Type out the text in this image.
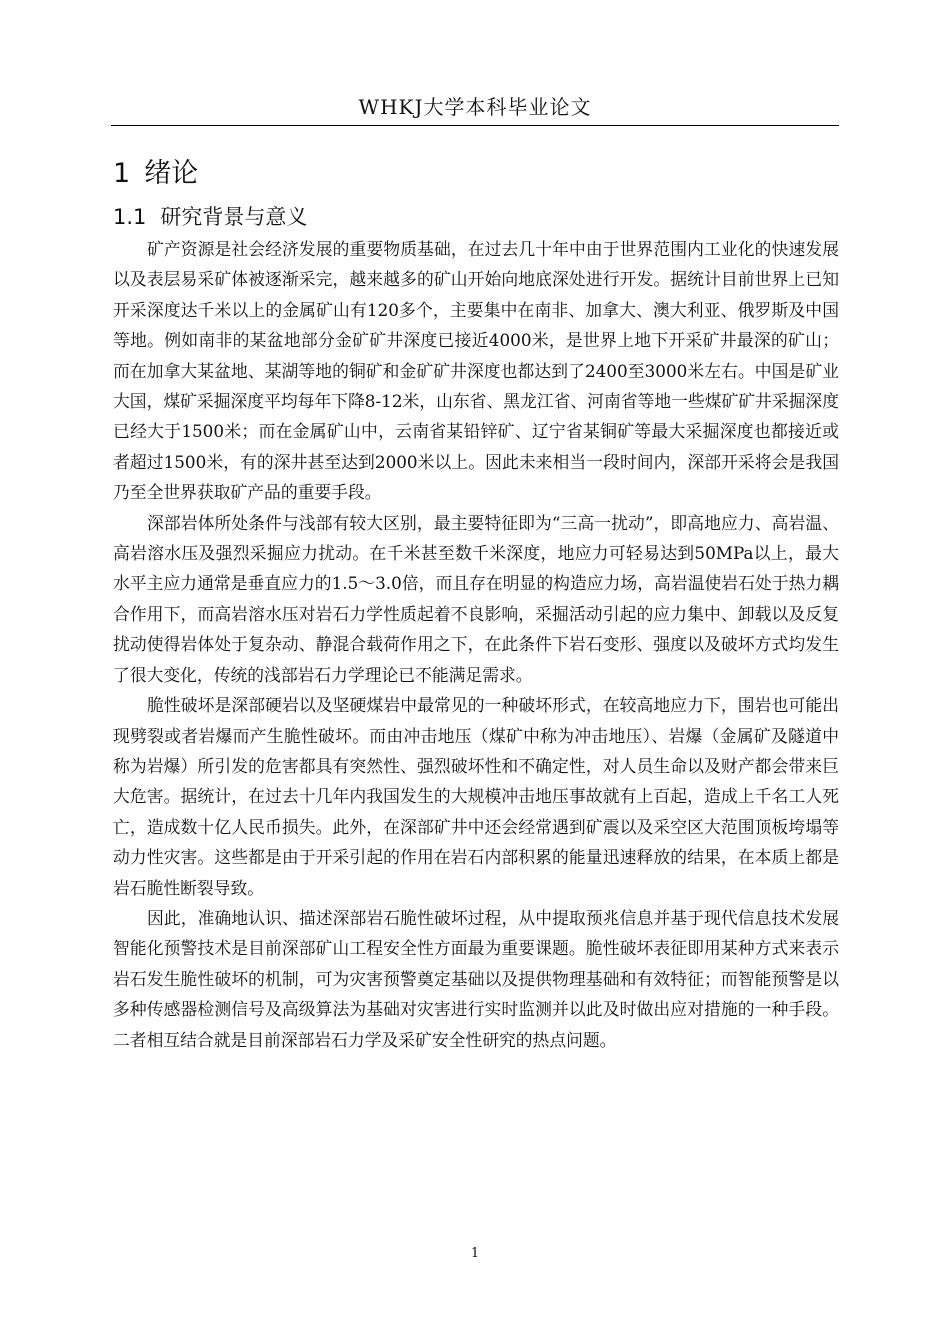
WHKJ大学本科毕业论文
1 绪论
1.1 研究背景与意义

矿产资源是社会经济发展的重要物质基础，在过去几十年中由于世界范围内工业化的快速发展以及表层易采矿体被逐渐采完，越来越多的矿山开始向地底深处进行开发。据统计目前世界上已知开采深度达千米以上的金属矿山有120多个，主要集中在南非、加拿大、澳大利亚、俄罗斯及中国等地。例如南非的某盆地部分金矿矿井深度已接近4000米，是世界上地下开采矿井最深的矿山；而在加拿大某盆地、某湖等地的铜矿和金矿矿井深度也都达到了2400至3000米左右。中国是矿业大国，煤矿采掘深度平均每年下降8-12米，山东省、黑龙江省、河南省等地一些煤矿矿井采掘深度已经大于1500米；而在金属矿山中，云南省某铅锌矿、辽宁省某铜矿等最大采掘深度也都接近或者超过1500米，有的深井甚至达到2000米以上。因此未来相当一段时间内，深部开采将会是我国乃至全世界获取矿产品的重要手段。

深部岩体所处条件与浅部有较大区别，最主要特征即为“三高一扰动”，即高地应力、高岩温、高岩溶水压及强烈采掘应力扰动。在千米甚至数千米深度，地应力可轻易达到50MPa以上，最大水平主应力通常是垂直应力的1.5～3.0倍，而且存在明显的构造应力场，高岩温使岩石处于热力耦合作用下，而高岩溶水压对岩石力学性质起着不良影响，采掘活动引起的应力集中、卸载以及反复扰动使得岩体处于复杂动、静混合载荷作用之下，在此条件下岩石变形、强度以及破坏方式均发生了很大变化，传统的浅部岩石力学理论已不能满足需求。

脆性破坏是深部硬岩以及坚硬煤岩中最常见的一种破坏形式，在较高地应力下，围岩也可能出现劈裂或者岩爆而产生脆性破坏。而由冲击地压（煤矿中称为冲击地压）、岩爆（金属矿及隧道中称为岩爆）所引发的危害都具有突然性、强烈破坏性和不确定性，对人员生命以及财产都会带来巨大危害。据统计，在过去十几年内我国发生的大规模冲击地压事故就有上百起，造成上千名工人死亡，造成数十亿人民币损失。此外，在深部矿井中还会经常遇到矿震以及采空区大范围顶板垮塌等动力性灾害。这些都是由于开采引起的作用在岩石内部积累的能量迅速释放的结果，在本质上都是岩石脆性断裂导致。

因此，准确地认识、描述深部岩石脆性破坏过程，从中提取预兆信息并基于现代信息技术发展智能化预警技术是目前深部矿山工程安全性方面最为重要课题。脆性破坏表征即用某种方式来表示岩石发生脆性破坏的机制，可为灾害预警奠定基础以及提供物理基础和有效特征；而智能预警是以多种传感器检测信号及高级算法为基础对灾害进行实时监测并以此及时做出应对措施的一种手段。二者相互结合就是目前深部岩石力学及采矿安全性研究的热点问题。

1
